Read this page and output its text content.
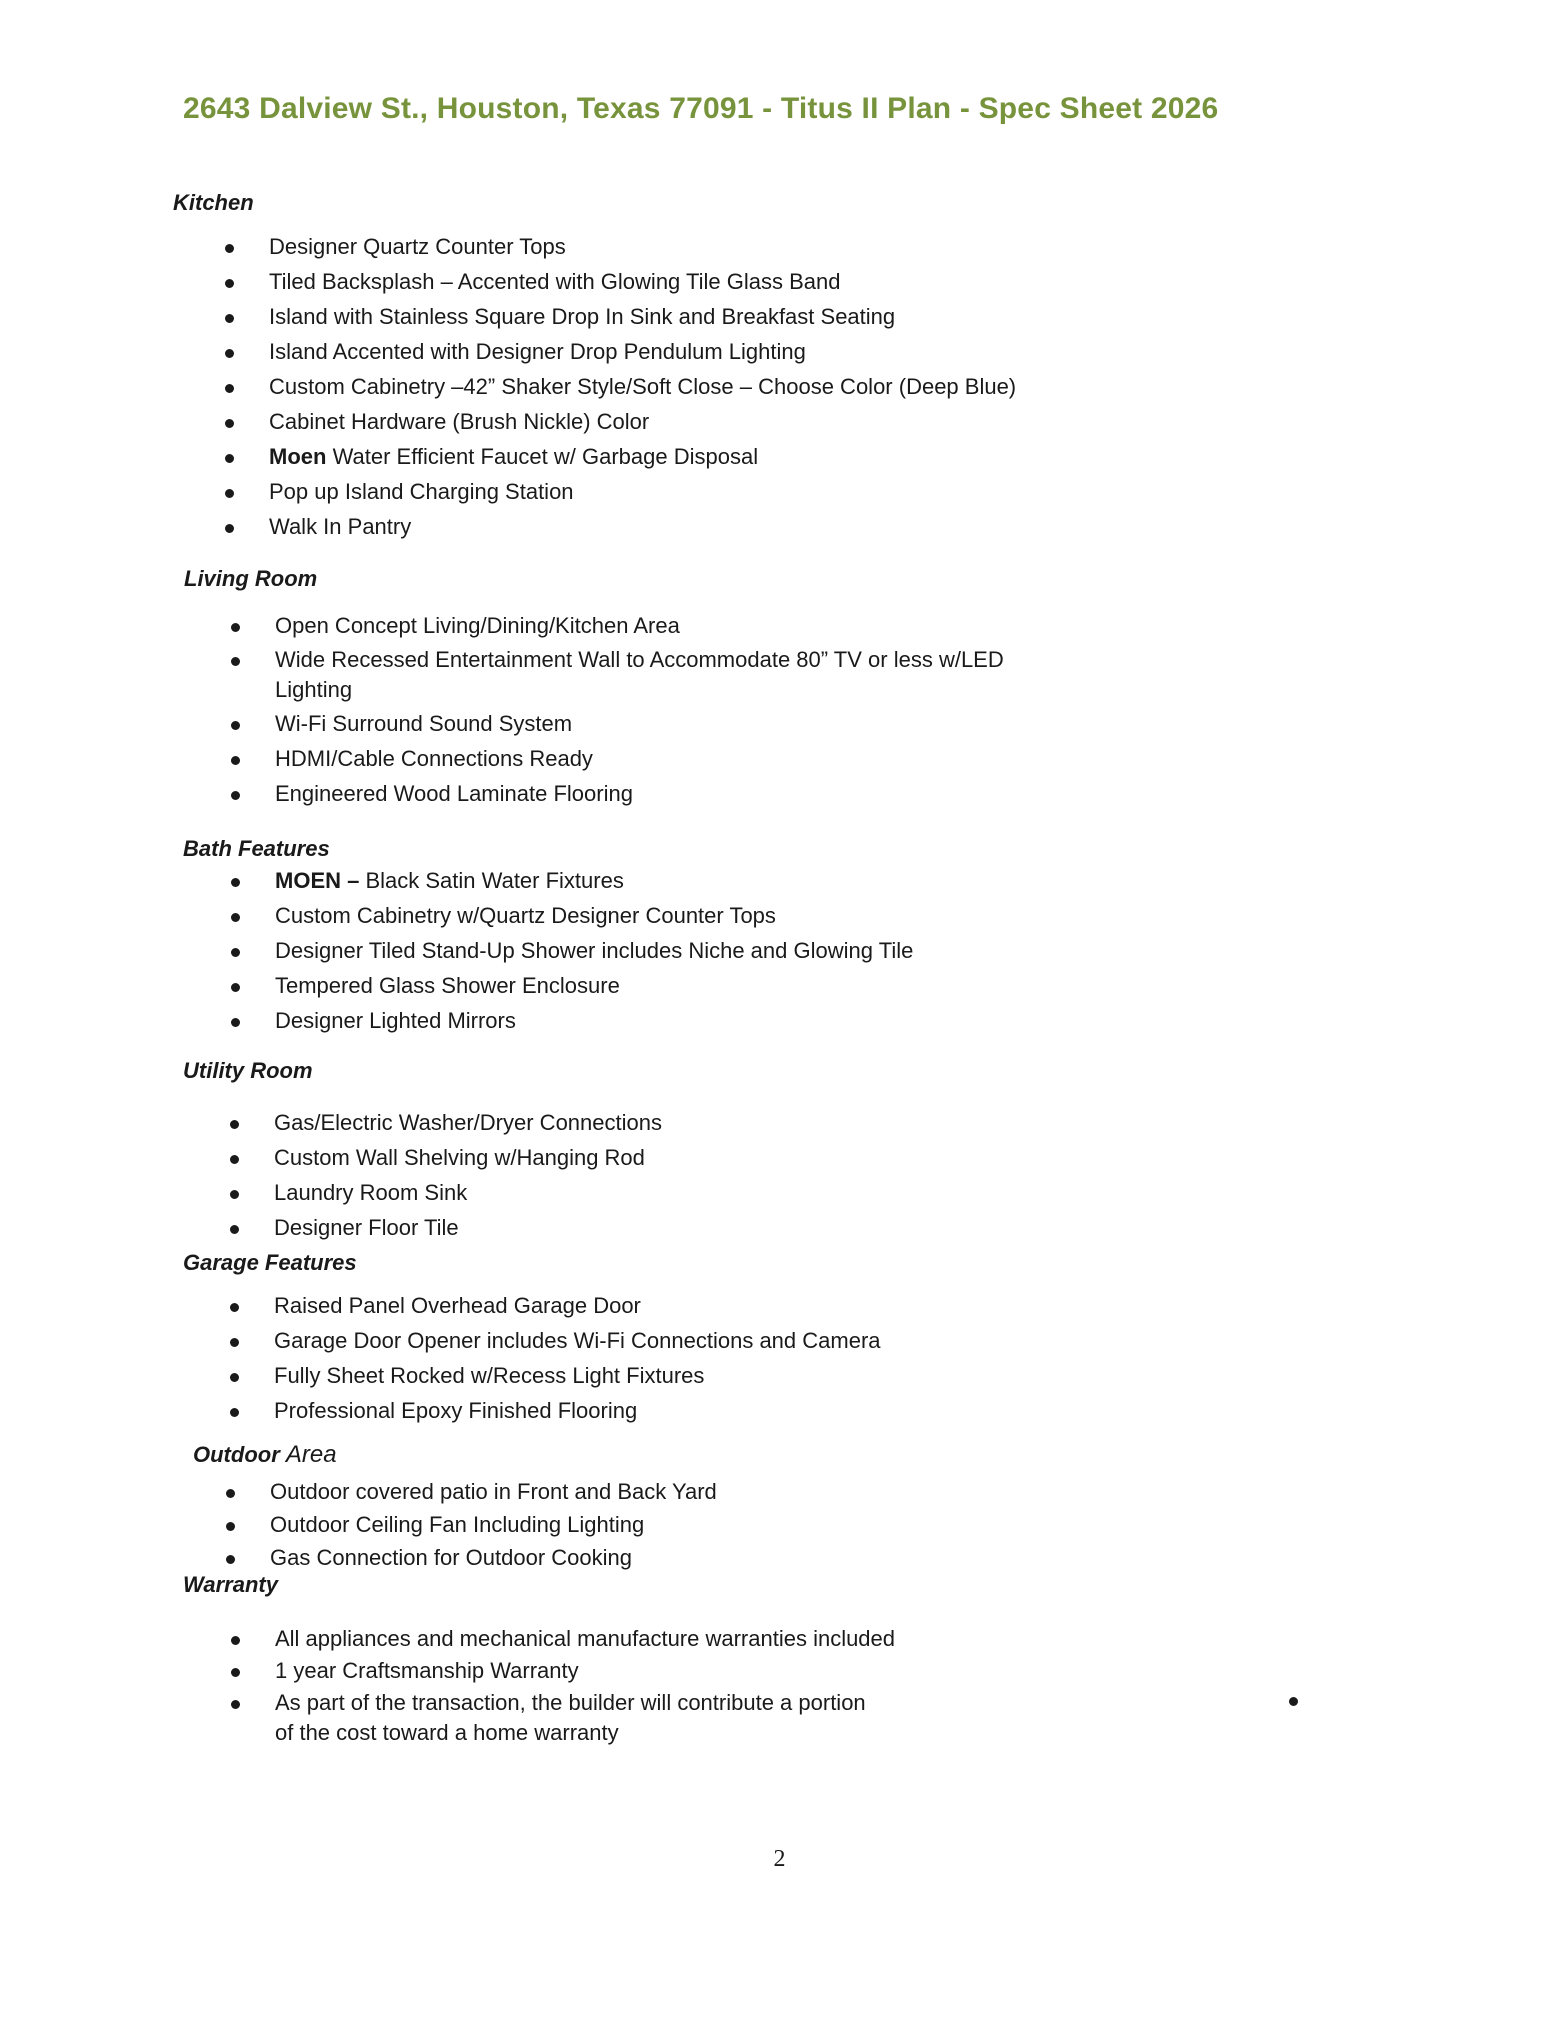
2643 Dalview St., Houston, Texas 77091 - Titus II Plan - Spec Sheet 2026
Kitchen
Designer Quartz Counter Tops
Tiled Backsplash – Accented with Glowing Tile Glass Band
Island with Stainless Square Drop In Sink and Breakfast Seating
Island Accented with Designer Drop Pendulum Lighting
Custom Cabinetry –42” Shaker Style/Soft Close – Choose Color (Deep Blue)
Cabinet Hardware (Brush Nickle) Color
Moen Water Efficient Faucet w/ Garbage Disposal
Pop up Island Charging Station
Walk In Pantry
Living Room
Open Concept Living/Dining/Kitchen Area
Wide Recessed Entertainment Wall to Accommodate 80” TV or less w/LED
Lighting
Wi-Fi Surround Sound System
HDMI/Cable Connections Ready
Engineered Wood Laminate Flooring
Bath Features
MOEN – Black Satin Water Fixtures
Custom Cabinetry w/Quartz Designer Counter Tops
Designer Tiled Stand-Up Shower includes Niche and Glowing Tile
Tempered Glass Shower Enclosure
Designer Lighted Mirrors
Utility Room
Gas/Electric Washer/Dryer Connections
Custom Wall Shelving w/Hanging Rod
Laundry Room Sink
Designer Floor Tile
Garage Features
Raised Panel Overhead Garage Door
Garage Door Opener includes Wi-Fi Connections and Camera
Fully Sheet Rocked w/Recess Light Fixtures
Professional Epoxy Finished Flooring
Outdoor Area
Outdoor covered patio in Front and Back Yard
Outdoor Ceiling Fan Including Lighting
Gas Connection for Outdoor Cooking
Warranty
All appliances and mechanical manufacture warranties included
1 year Craftsmanship Warranty
As part of the transaction, the builder will contribute a portion
of the cost toward a home warranty
2
